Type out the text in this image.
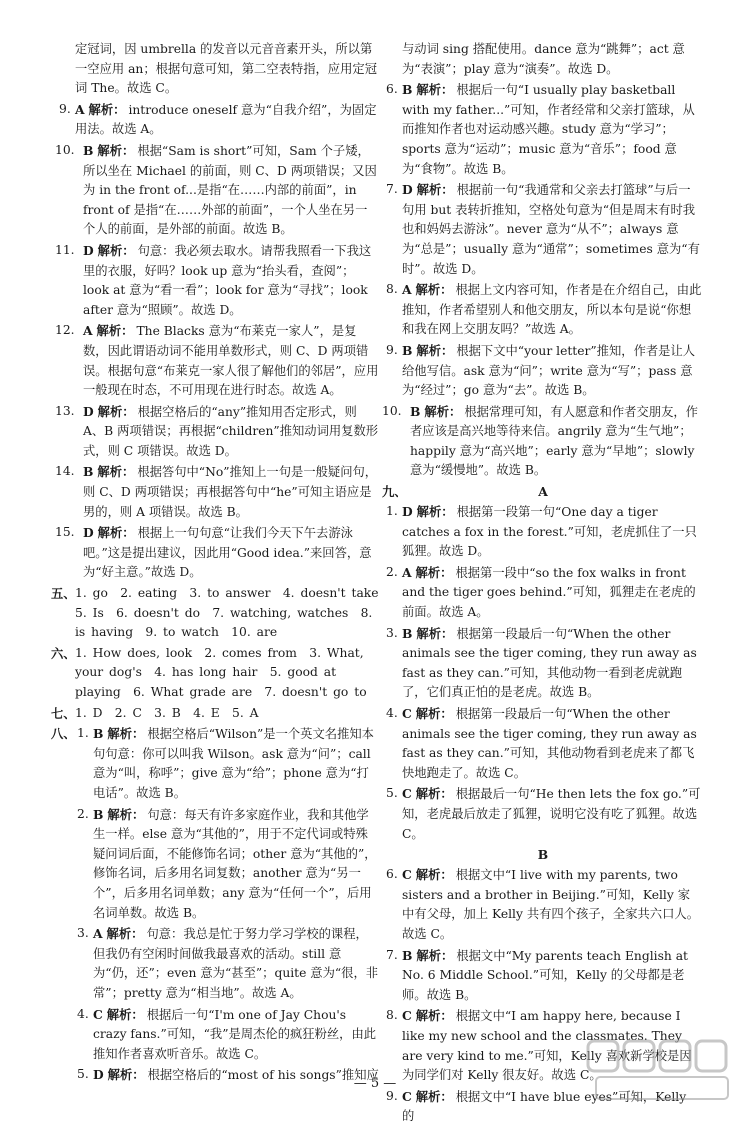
定冠词，因 umbrella 的发音以元音音素开头，所以第一空应用 an；根据句意可知，第二空表特指，应用定冠词 The。故选 C。

9. A 解析： introduce oneself 意为“自我介绍”，为固定用法。故选 A。

10. B 解析： 根据“Sam is short”可知，Sam 个子矮，所以坐在 Michael 的前面，则 C、D 两项错误；又因为 in the front of...是指“在……内部的前面”，in front of 是指“在……外部的前面”，一个人坐在另一个人的前面，是外部的前面。故选 B。

11. D 解析： 句意：我必须去取水。请帮我照看一下我这里的衣服，好吗？look up 意为“抬头看，查阅”；look at 意为“看一看”；look for 意为“寻找”；look after 意为“照顾”。故选 D。

12. A 解析： The Blacks 意为“布莱克一家人”，是复数，因此谓语动词不能用单数形式，则 C、D 两项错误。根据句意“布莱克一家人很了解他们的邻居”，应用一般现在时态，不可用现在进行时态。故选 A。

13. D 解析： 根据空格后的“any”推知用否定形式，则 A、B 两项错误；再根据“children”推知动词用复数形式，则 C 项错误。故选 D。

14. B 解析： 根据答句中“No”推知上一句是一般疑问句，则 C、D 两项错误；再根据答句中“he”可知主语应是男的，则 A 项错误。故选 B。

15. D 解析： 根据上一句句意“让我们今天下午去游泳吧。”这是提出建议，因此用“Good idea.”来回答，意为“好主意。”故选 D。

五、 1. go　2. eating　3. to answer　4. doesn't take

5. Is　6. doesn't do　7. watching, watches　8. is having　9. to watch　10. are

六、 1. How does, look　2. comes from　3. What, your dog's　4. has long hair　5. good at playing　6. What grade are　7. doesn't go to

七、 1. D　2. C　3. B　4. E　5. A

八、 1. B 解析： 根据空格后“Wilson”是一个英文名推知本句句意：你可以叫我 Wilson。ask 意为“问”；call 意为“叫，称呼”；give 意为“给”；phone 意为“打电话”。故选 B。

2. B 解析： 句意：每天有许多家庭作业，我和其他学生一样。else 意为“其他的”，用于不定代词或特殊疑问词后面，不能修饰名词；other 意为“其他的”，修饰名词，后多用名词复数；another 意为“另一个”，后多用名词单数；any 意为“任何一个”，后用名词单数。故选 B。

3. A 解析： 句意：我总是忙于努力学习学校的课程，但我仍有空闲时间做我最喜欢的活动。still 意为“仍，还”；even 意为“甚至”；quite 意为“很，非常”；pretty 意为“相当地”。故选 A。

4. C 解析： 根据后一句“I'm one of Jay Chou's crazy fans.”可知，“我”是周杰伦的疯狂粉丝，由此推知作者喜欢听音乐。故选 C。

5. D 解析： 根据空格后的“most of his songs”推知应

与动词 sing 搭配使用。dance 意为“跳舞”；act 意为“表演”；play 意为“演奏”。故选 D。

6. B 解析： 根据后一句“I usually play basketball with my father...”可知，作者经常和父亲打篮球，从而推知作者也对运动感兴趣。study 意为“学习”；sports 意为“运动”；music 意为“音乐”；food 意为“食物”。故选 B。

7. D 解析： 根据前一句“我通常和父亲去打篮球”与后一句用 but 表转折推知，空格处句意为“但是周末有时我也和妈妈去游泳”。never 意为“从不”；always 意为“总是”；usually 意为“通常”；sometimes 意为“有时”。故选 D。

8. A 解析： 根据上文内容可知，作者是在介绍自己，由此推知，作者希望别人和他交朋友，所以本句是说“你想和我在网上交朋友吗？”故选 A。

9. B 解析： 根据下文中“your letter”推知，作者是让人给他写信。ask 意为“问”；write 意为“写”；pass 意为“经过”；go 意为“去”。故选 B。

10. B 解析： 根据常理可知，有人愿意和作者交朋友，作者应该是高兴地等待来信。angrily 意为“生气地”；happily 意为“高兴地”；early 意为“早地”；slowly 意为“缓慢地”。故选 B。

九、	A
1. D 解析： 根据第一段第一句“One day a tiger catches a fox in the forest.”可知，老虎抓住了一只狐狸。故选 D。

2. A 解析： 根据第一段中“so the fox walks in front and the tiger goes behind.”可知，狐狸走在老虎的前面。故选 A。

3. B 解析： 根据第一段最后一句“When the other animals see the tiger coming, they run away as fast as they can.”可知，其他动物一看到老虎就跑了，它们真正怕的是老虎。故选 B。

4. C 解析： 根据第一段最后一句“When the other animals see the tiger coming, they run away as fast as they can.”可知，其他动物看到老虎来了都飞快地跑走了。故选 C。

5. C 解析： 根据最后一句“He then lets the fox go.”可知，老虎最后放走了狐狸，说明它没有吃了狐狸。故选 C。

B
6. C 解析： 根据文中“I live with my parents, two sisters and a brother in Beijing.”可知，Kelly 家中有父母，加上 Kelly 共有四个孩子，全家共六口人。故选 C。

7. B 解析： 根据文中“My parents teach English at No. 6 Middle School.”可知，Kelly 的父母都是老师。故选 B。

8. C 解析： 根据文中“I am happy here, because I like my new school and the classmates. They are very kind to me.”可知，Kelly 喜欢新学校是因为同学们对 Kelly 很友好。故选 C。

9. C 解析： 根据文中“I have blue eyes”可知，Kelly 的

— 5 —
